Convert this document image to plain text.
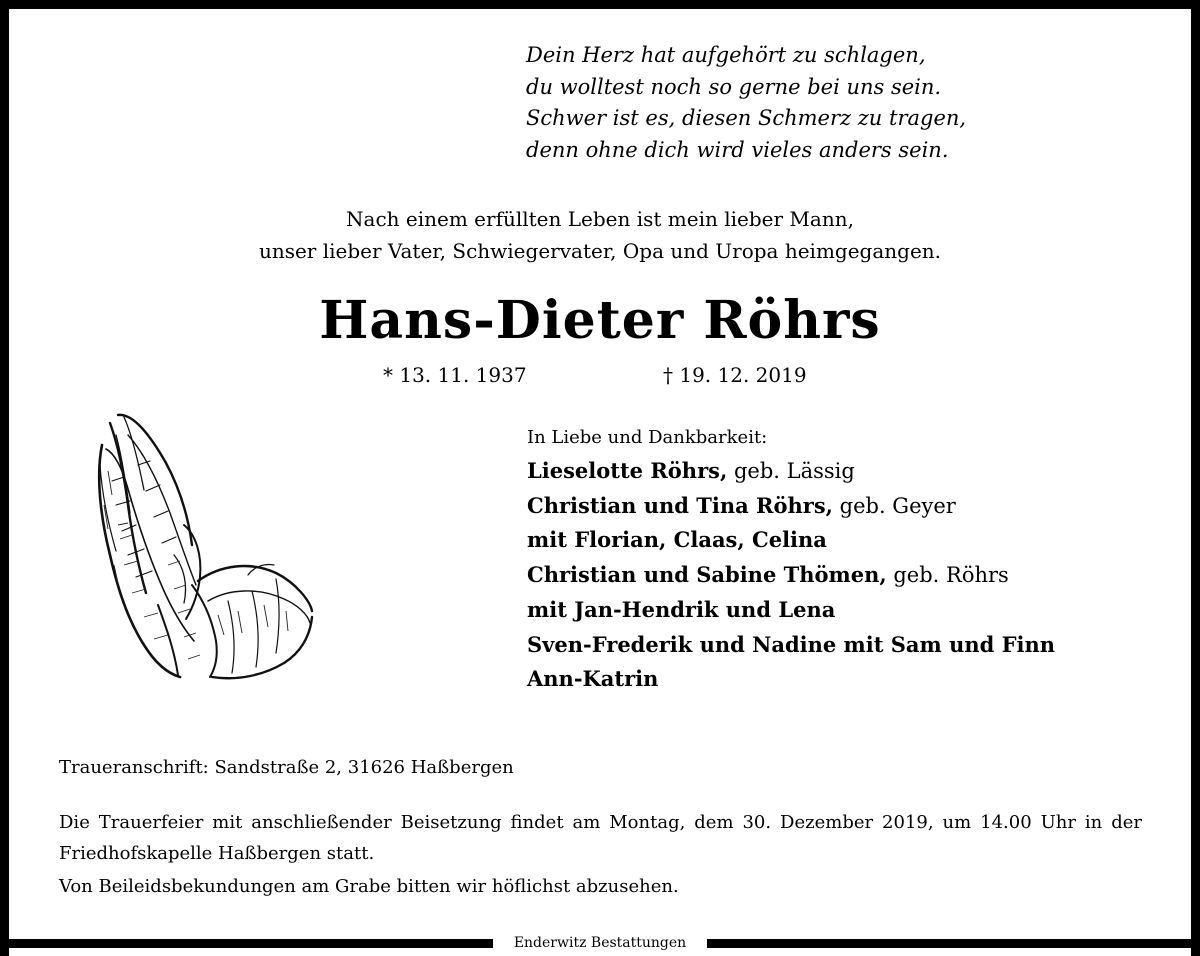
Enderwitz Bestattungen
Dein Herz hat aufgehört zu schlagen,
du wolltest noch so gerne bei uns sein.
Schwer ist es, diesen Schmerz zu tragen,
denn ohne dich wird vieles anders sein.
Nach einem erfüllten Leben ist mein lieber Mann,
unser lieber Vater, Schwiegervater, Opa und Uropa heimgegangen.
Hans-Dieter Röhrs
* 13. 11. 1937	† 19. 12. 2019
In Liebe und Dankbarkeit:
Lieselotte Röhrs, geb. Lässig
Christian und Tina Röhrs, geb. Geyer
mit Florian, Claas, Celina
Christian und Sabine Thömen, geb. Röhrs
mit Jan-Hendrik und Lena
Sven-Frederik und Nadine mit Sam und Finn
Ann-Katrin
Traueranschrift: Sandstraße 2, 31626 Haßbergen
Die Trauerfeier mit anschließender Beisetzung findet am Montag, dem 30. Dezember 2019, um 14.00 Uhr in der Friedhofskapelle Haßbergen statt.
Von Beileidsbekundungen am Grabe bitten wir höflichst abzusehen.
